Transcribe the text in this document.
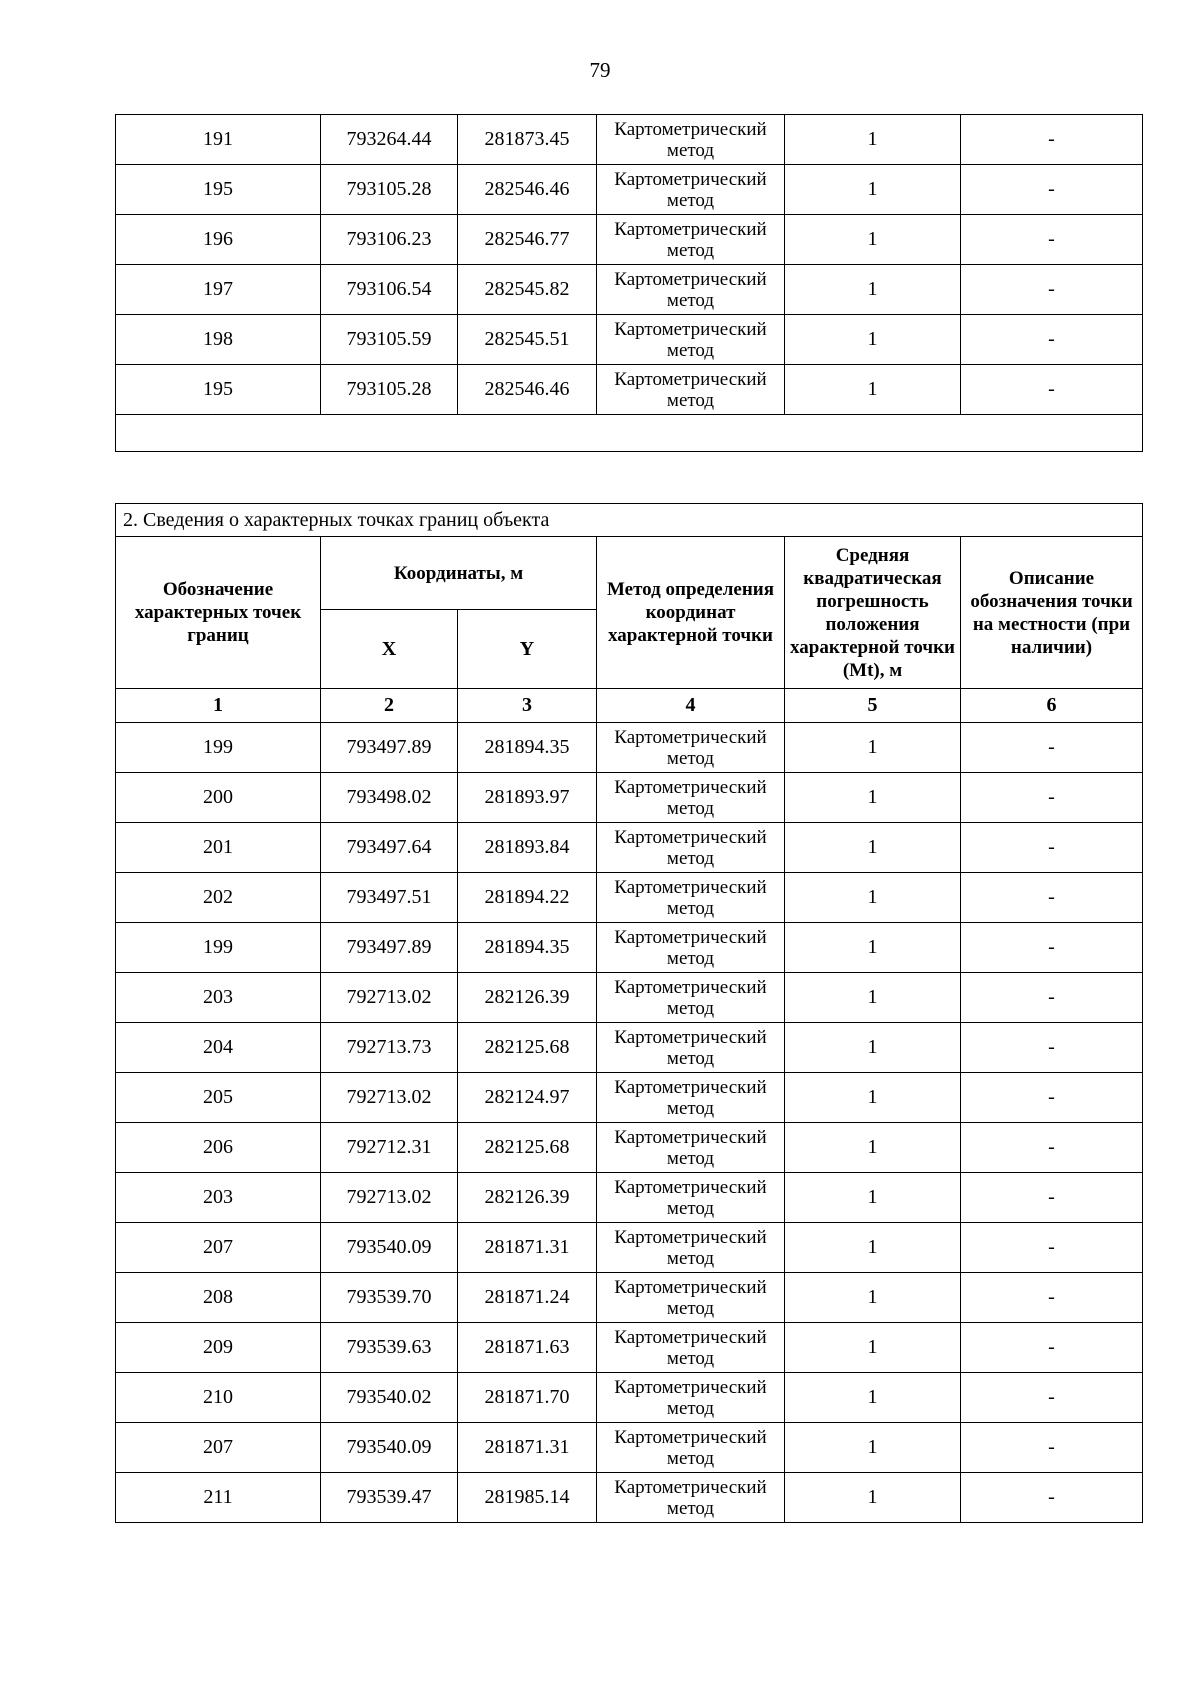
79
191	793264.44	281873.45	Картометрический метод	1	-
195	793105.28	282546.46	Картометрический метод	1	-
196	793106.23	282546.77	Картометрический метод	1	-
197	793106.54	282545.82	Картометрический метод	1	-
198	793105.59	282545.51	Картометрический метод	1	-
195	793105.28	282546.46	Картометрический метод	1	-

2. Сведения о характерных точках границ объекта					
Обозначение характерных точек границ	Координаты, м		Метод определения координат характерной точки	Средняя квадратическая погрешность положения характерной точки (Mt), м	Описание обозначения точки на местности (при наличии)
	X	Y			
1	2	3	4	5	6
199	793497.89	281894.35	Картометрический метод	1	-
200	793498.02	281893.97	Картометрический метод	1	-
201	793497.64	281893.84	Картометрический метод	1	-
202	793497.51	281894.22	Картометрический метод	1	-
199	793497.89	281894.35	Картометрический метод	1	-
203	792713.02	282126.39	Картометрический метод	1	-
204	792713.73	282125.68	Картометрический метод	1	-
205	792713.02	282124.97	Картометрический метод	1	-
206	792712.31	282125.68	Картометрический метод	1	-
203	792713.02	282126.39	Картометрический метод	1	-
207	793540.09	281871.31	Картометрический метод	1	-
208	793539.70	281871.24	Картометрический метод	1	-
209	793539.63	281871.63	Картометрический метод	1	-
210	793540.02	281871.70	Картометрический метод	1	-
207	793540.09	281871.31	Картометрический метод	1	-
211	793539.47	281985.14	Картометрический метод	1	-
